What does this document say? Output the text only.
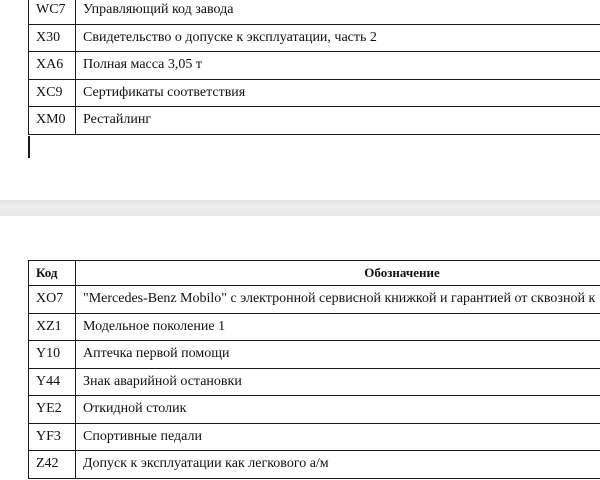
WC7	Управляющий код завода
X30	Свидетельство о допуске к эксплуатации, часть 2
XA6	Полная масса 3,05 т
XC9	Сертификаты соответствия
XM0	Рестайлинг
Код	Обозначение
XO7	"Mercedes-Benz Mobilo" с электронной сервисной книжкой и гарантией от сквозной к
XZ1	Модельное поколение 1
Y10	Аптечка первой помощи
Y44	Знак аварийной остановки
YE2	Откидной столик
YF3	Спортивные педали
Z42	Допуск к эксплуатации как легкового а/м
